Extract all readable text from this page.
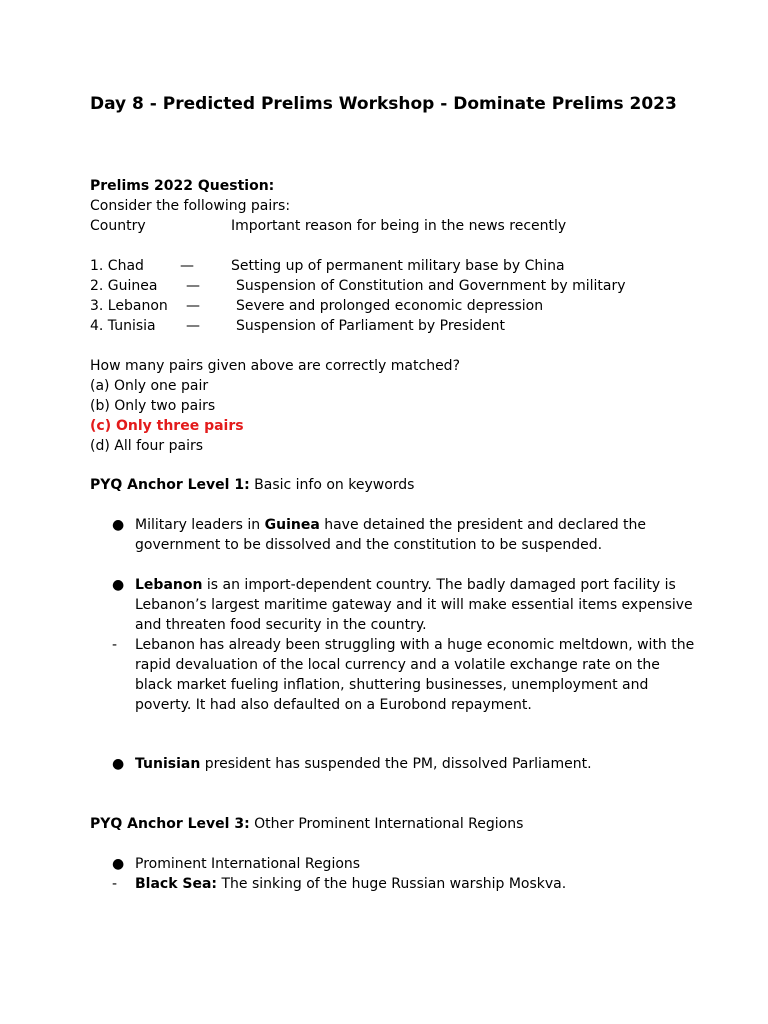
Day 8 - Predicted Prelims Workshop - Dominate Prelims 2023
Prelims 2022 Question:
Consider the following pairs:
Country	Important reason for being in the news recently
1. Chad	—	Setting up of permanent military base by China
2. Guinea —	Suspension of Constitution and Government by military
3. Lebanon —	Severe and prolonged economic depression
4. Tunisia —	Suspension of Parliament by President
How many pairs given above are correctly matched?
(a) Only one pair
(b) Only two pairs
(c) Only three pairs
(d) All four pairs
PYQ Anchor Level 1: Basic info on keywords
● Military leaders in Guinea have detained the president and declared the government to be dissolved and the constitution to be suspended.
● Lebanon is an import-dependent country. The badly damaged port facility is Lebanon’s largest maritime gateway and it will make essential items expensive and threaten food security in the country.
-	Lebanon has already been struggling with a huge economic meltdown, with the rapid devaluation of the local currency and a volatile exchange rate on the black market fueling inflation, shuttering businesses, unemployment and poverty. It had also defaulted on a Eurobond repayment.
● Tunisian president has suspended the PM, dissolved Parliament.
PYQ Anchor Level 3: Other Prominent International Regions
● Prominent International Regions
-	Black Sea: The sinking of the huge Russian warship Moskva.
